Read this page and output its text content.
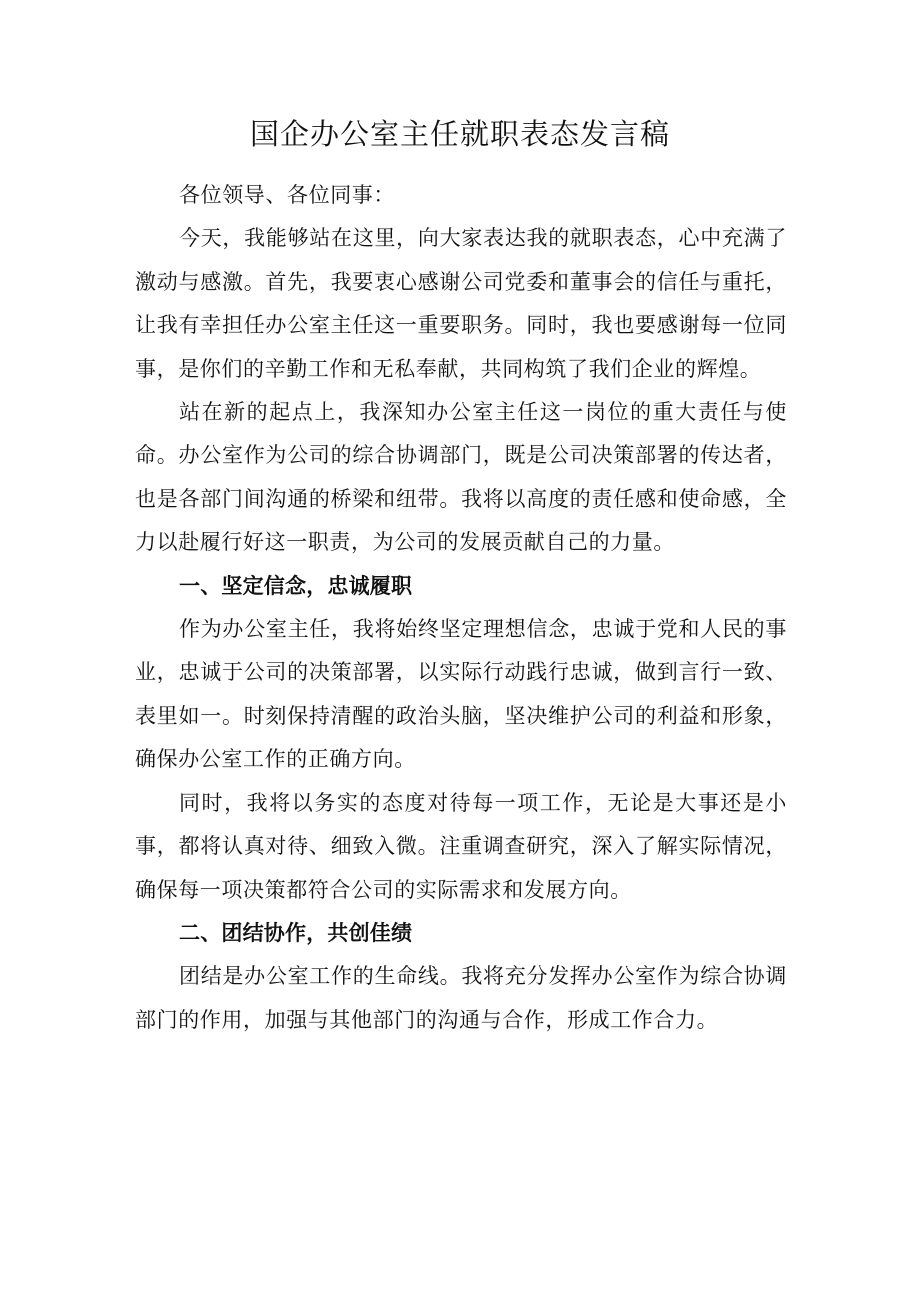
国企办公室主任就职表态发言稿

各位领导、各位同事：

今天，我能够站在这里，向大家表达我的就职表态，心中充满了激动与感激。首先，我要衷心感谢公司党委和董事会的信任与重托，让我有幸担任办公室主任这一重要职务。同时，我也要感谢每一位同事，是你们的辛勤工作和无私奉献，共同构筑了我们企业的辉煌。

站在新的起点上，我深知办公室主任这一岗位的重大责任与使命。办公室作为公司的综合协调部门，既是公司决策部署的传达者，也是各部门间沟通的桥梁和纽带。我将以高度的责任感和使命感，全力以赴履行好这一职责，为公司的发展贡献自己的力量。

一、坚定信念，忠诚履职

作为办公室主任，我将始终坚定理想信念，忠诚于党和人民的事业，忠诚于公司的决策部署，以实际行动践行忠诚，做到言行一致、表里如一。时刻保持清醒的政治头脑，坚决维护公司的利益和形象，确保办公室工作的正确方向。

同时，我将以务实的态度对待每一项工作，无论是大事还是小事，都将认真对待、细致入微。注重调查研究，深入了解实际情况，确保每一项决策都符合公司的实际需求和发展方向。

二、团结协作，共创佳绩

团结是办公室工作的生命线。我将充分发挥办公室作为综合协调部门的作用，加强与其他部门的沟通与合作，形成工作合力。
